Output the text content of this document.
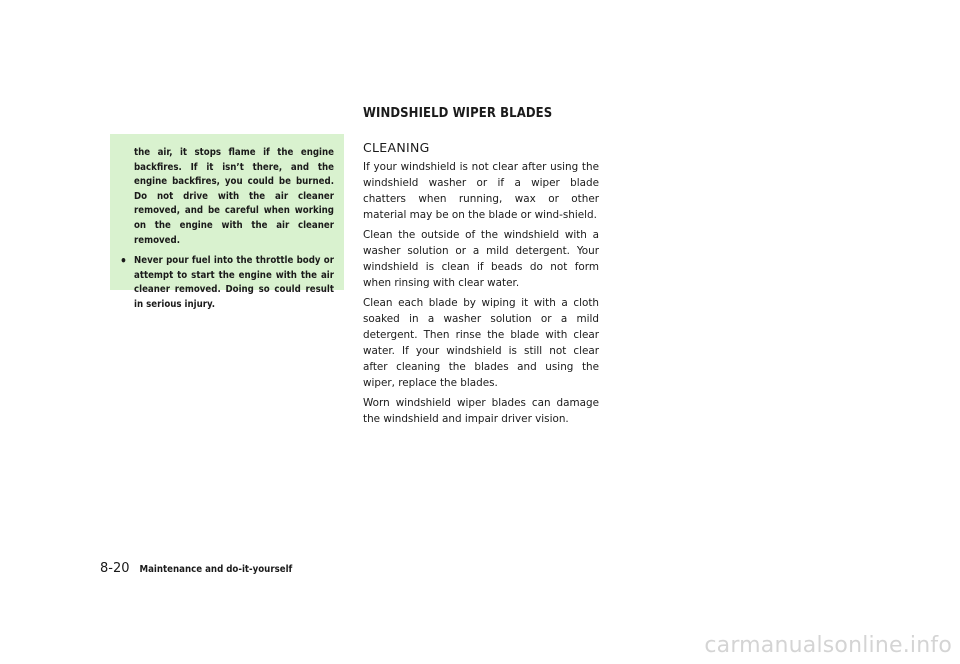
the air, it stops flame if the engine backfires. If it isn’t there, and the engine backfires, you could be burned. Do not drive with the air cleaner removed, and be careful when working on the engine with the air cleaner removed.

• Never pour fuel into the throttle body or attempt to start the engine with the air cleaner removed. Doing so could result in serious injury.
WINDSHIELD WIPER BLADES
CLEANING

If your windshield is not clear after using the windshield washer or if a wiper blade chatters when running, wax or other material may be on the blade or wind-shield.

Clean the outside of the windshield with a washer solution or a mild detergent. Your windshield is clean if beads do not form when rinsing with clear water.

Clean each blade by wiping it with a cloth soaked in a washer solution or a mild detergent. Then rinse the blade with clear water. If your windshield is still not clear after cleaning the blades and using the wiper, replace the blades.

Worn windshield wiper blades can damage the windshield and impair driver vision.

8-20 Maintenance and do-it-yourself
carmanualsonline.info
